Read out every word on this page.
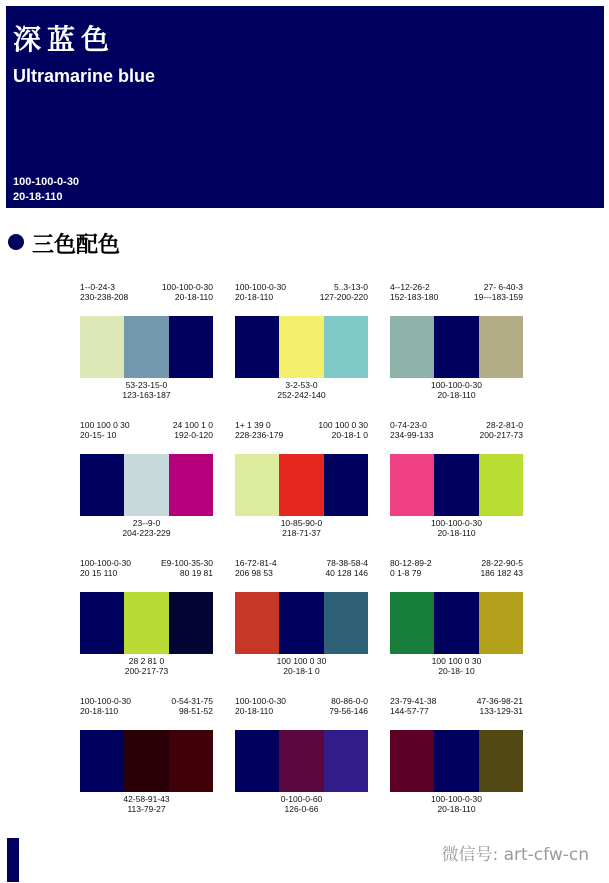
深蓝色
Ultramarine blue
100-100-0-30
20-18-110
三色配色
1--0-24-3
230-238-208
100-100-0-30
20-18-110
53-23-15-0
123-163-187
100-100-0-30
20-18-110
5..3-13-0
127-200-220
3-2-53-0
252-242-140
4--12-26-2
152-183-180
27- 6-40-3
19---183-159
100-100-0-30
20-18-110
100 100 0 30
20-15- 10
24 100 1 0
192-0-120
23--9-0
204-223-229
1+ 1 39 0
228-236-179
100 100 0 30
20-18-1 0
10-85-90-0
218-71-37
0-74-23-0
234-99-133
28-2-81-0
200-217-73
100-100-0-30
20-18-110
100-100-0-30
20 15 110
E9-100-35-30
80 19 81
28 2 81 0
200-217-73
16-72-81-4
206 98 53
78-38-58-4
40 128 146
100 100 0 30
20-18-1 0
80-12-89-2
0 1-8 79
28-22-90-5
186 182 43
100 100 0 30
20-18- 10
100-100-0-30
20-18-110
0-54-31-75
98-51-52
42-58-91-43
113-79-27
100-100-0-30
20-18-110
80-86-0-0
79-56-146
0-100-0-60
126-0-66
23-79-41-38
144-57-77
47-36-98-21
133-129-31
100-100-0-30
20-18-110
微信号: art-cfw-cn
